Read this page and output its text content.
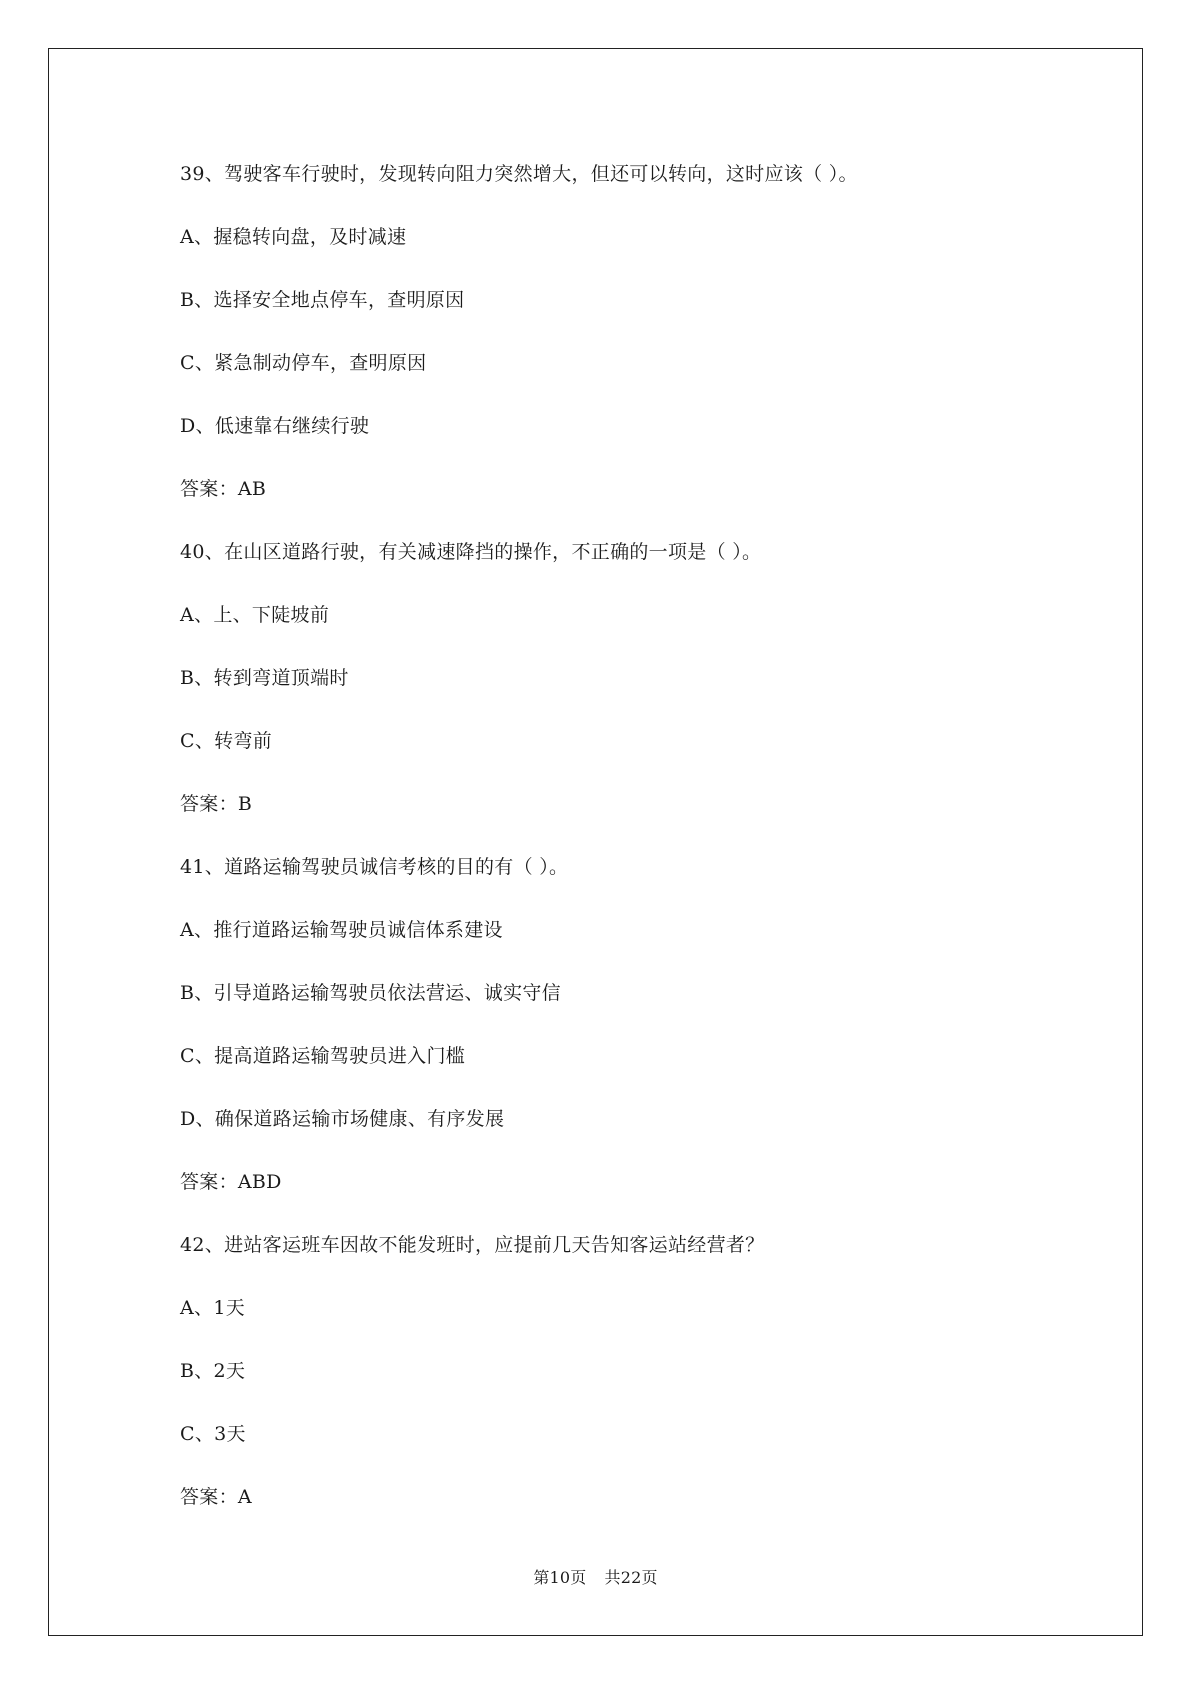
39、驾驶客车行驶时，发现转向阻力突然增大，但还可以转向，这时应该（ ）。
A、握稳转向盘，及时减速
B、选择安全地点停车，查明原因
C、紧急制动停车，查明原因
D、低速靠右继续行驶
答案：AB
40、在山区道路行驶，有关减速降挡的操作，不正确的一项是（ ）。
A、上、下陡坡前
B、转到弯道顶端时
C、转弯前
答案：B
41、道路运输驾驶员诚信考核的目的有（ ）。
A、推行道路运输驾驶员诚信体系建设
B、引导道路运输驾驶员依法营运、诚实守信
C、提高道路运输驾驶员进入门槛
D、确保道路运输市场健康、有序发展
答案：ABD
42、进站客运班车因故不能发班时，应提前几天告知客运站经营者？
A、1天
B、2天
C、3天
答案：A
第10页 共22页
